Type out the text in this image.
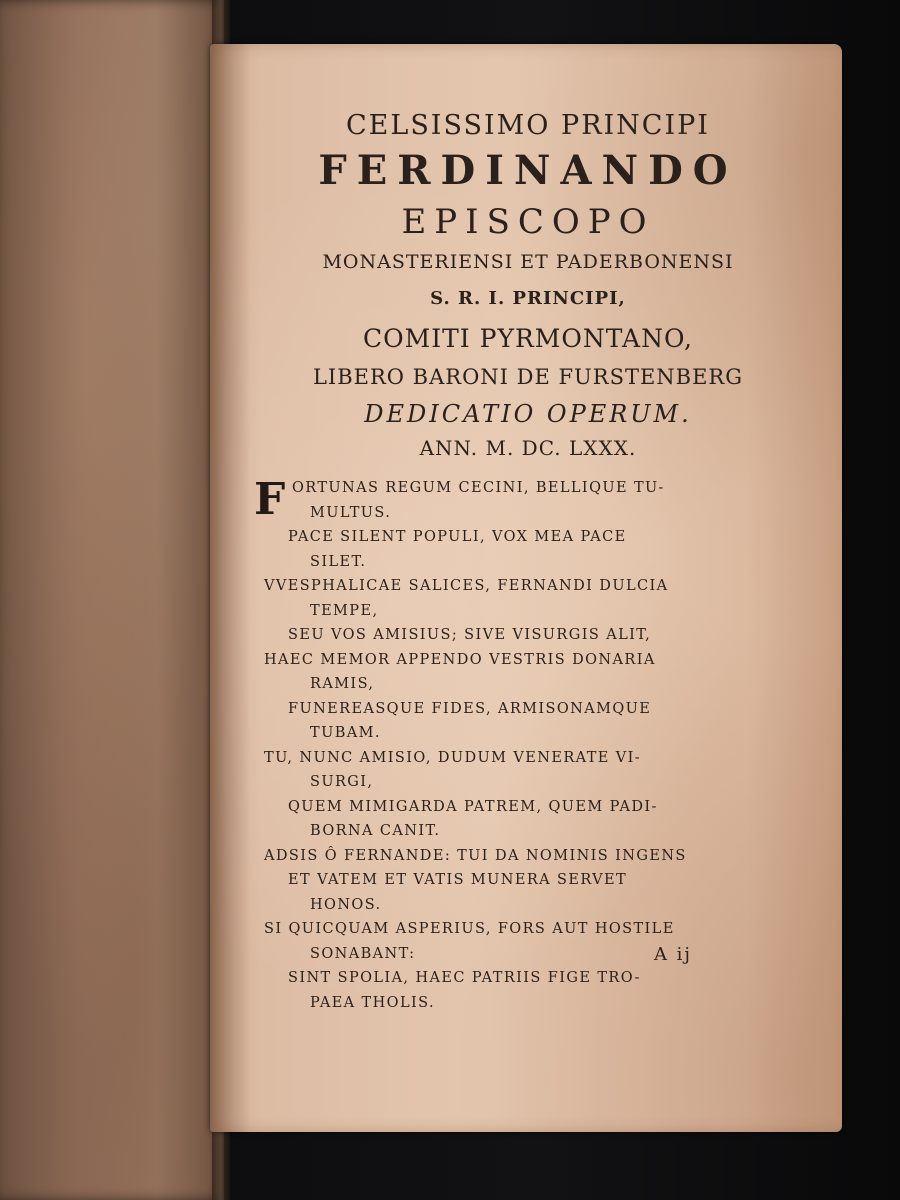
CELSISSIMO PRINCIPI

FERDINANDO

EPISCOPO

MONASTERIENSI ET PADERBONENSI

S. R. I. PRINCIPI,

COMITI PYRMONTANO,

LIBERO BARONI DE FURSTENBERG

DEDICATIO OPERUM.

ANN. M. DC. LXXX.

F ORTUNAS REGUM CECINI, BELLIQUE TU-
MULTUS.
PACE SILENT POPULI, VOX MEA PACE
SILET.
VVESPHALICAE SALICES, FERNANDI DULCIA
TEMPE,
SEU VOS AMISIUS; SIVE VISURGIS ALIT,
HAEC MEMOR APPENDO VESTRIS DONARIA
RAMIS,
FUNEREASQUE FIDES, ARMISONAMQUE
TUBAM.
TU, NUNC AMISIO, DUDUM VENERATE VI-
SURGI,
QUEM MIMIGARDA PATREM, QUEM PADI-
BORNA CANIT.
ADSIS Ô FERNANDE: TUI DA NOMINIS INGENS
ET VATEM ET VATIS MUNERA SERVET
HONOS.
SI QUICQUAM ASPERIUS, FORS AUT HOSTILE
SONABANT:
SINT SPOLIA, HAEC PATRIIS FIGE TRO-
PAEA THOLIS.
A ij
